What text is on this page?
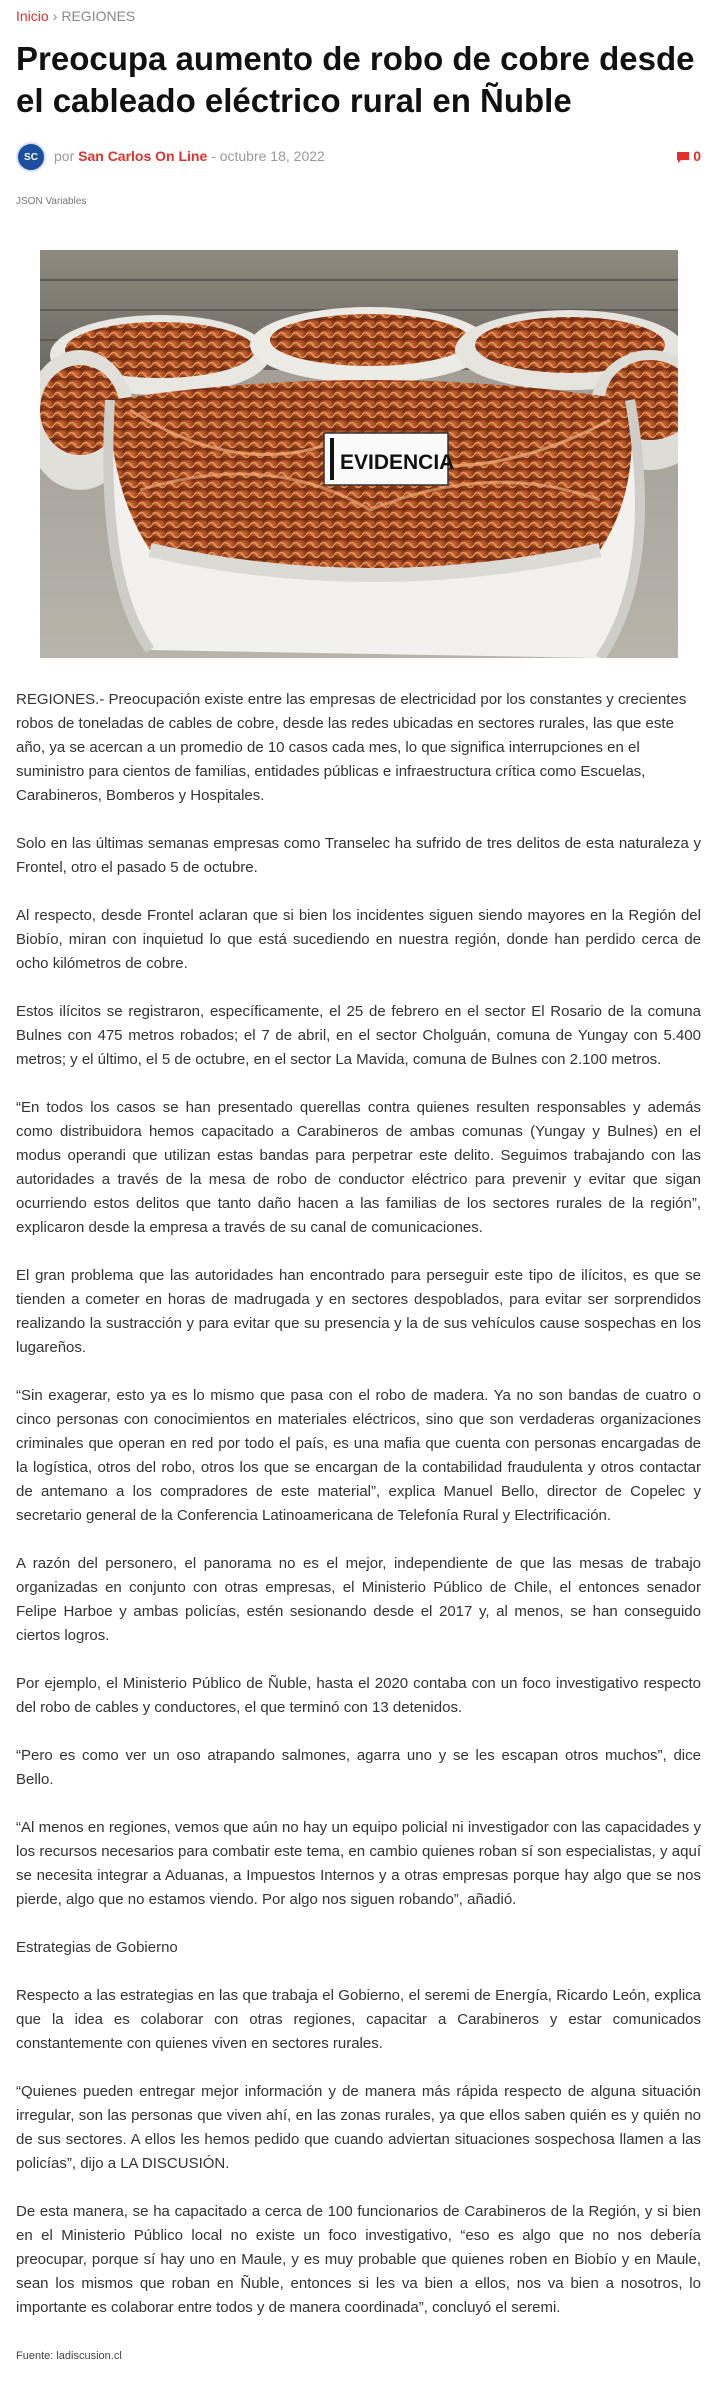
Inicio › REGIONES
Preocupa aumento de robo de cobre desde el cableado eléctrico rural en Ñuble
SC por San Carlos On Line - octubre 18, 2022	0
JSON Variables
EVIDENCIA

REGIONES.- Preocupación existe entre las empresas de electricidad por los constantes y crecientes robos de toneladas de cables de cobre, desde las redes ubicadas en sectores rurales, las que este año, ya se acercan a un promedio de 10 casos cada mes, lo que significa interrupciones en el suministro para cientos de familias, entidades públicas e infraestructura crítica como Escuelas, Carabineros, Bomberos y Hospitales.

Solo en las últimas semanas empresas como Transelec ha sufrido de tres delitos de esta naturaleza y Frontel, otro el pasado 5 de octubre.

Al respecto, desde Frontel aclaran que si bien los incidentes siguen siendo mayores en la Región del Biobío, miran con inquietud lo que está sucediendo en nuestra región, donde han perdido cerca de ocho kilómetros de cobre.

Estos ilícitos se registraron, específicamente, el 25 de febrero en el sector El Rosario de la comuna Bulnes con 475 metros robados; el 7 de abril, en el sector Cholguán, comuna de Yungay con 5.400 metros; y el último, el 5 de octubre, en el sector La Mavida, comuna de Bulnes con 2.100 metros.

“En todos los casos se han presentado querellas contra quienes resulten responsables y además como distribuidora hemos capacitado a Carabineros de ambas comunas (Yungay y Bulnes) en el modus operandi que utilizan estas bandas para perpetrar este delito. Seguimos trabajando con las autoridades a través de la mesa de robo de conductor eléctrico para prevenir y evitar que sigan ocurriendo estos delitos que tanto daño hacen a las familias de los sectores rurales de la región”, explicaron desde la empresa a través de su canal de comunicaciones.

El gran problema que las autoridades han encontrado para perseguir este tipo de ilícitos, es que se tienden a cometer en horas de madrugada y en sectores despoblados, para evitar ser sorprendidos realizando la sustracción y para evitar que su presencia y la de sus vehículos cause sospechas en los lugareños.

“Sin exagerar, esto ya es lo mismo que pasa con el robo de madera. Ya no son bandas de cuatro o cinco personas con conocimientos en materiales eléctricos, sino que son verdaderas organizaciones criminales que operan en red por todo el país, es una mafia que cuenta con personas encargadas de la logística, otros del robo, otros los que se encargan de la contabilidad fraudulenta y otros contactar de antemano a los compradores de este material”, explica Manuel Bello, director de Copelec y secretario general de la Conferencia Latinoamericana de Telefonía Rural y Electrificación.

A razón del personero, el panorama no es el mejor, independiente de que las mesas de trabajo organizadas en conjunto con otras empresas, el Ministerio Público de Chile, el entonces senador Felipe Harboe y ambas policías, estén sesionando desde el 2017 y, al menos, se han conseguido ciertos logros.

Por ejemplo, el Ministerio Público de Ñuble, hasta el 2020 contaba con un foco investigativo respecto del robo de cables y conductores, el que terminó con 13 detenidos.

“Pero es como ver un oso atrapando salmones, agarra uno y se les escapan otros muchos”, dice Bello.

“Al menos en regiones, vemos que aún no hay un equipo policial ni investigador con las capacidades y los recursos necesarios para combatir este tema, en cambio quienes roban sí son especialistas, y aquí se necesita integrar a Aduanas, a Impuestos Internos y a otras empresas porque hay algo que se nos pierde, algo que no estamos viendo. Por algo nos siguen robando”, añadió.

Estrategias de Gobierno

Respecto a las estrategias en las que trabaja el Gobierno, el seremi de Energía, Ricardo León, explica que la idea es colaborar con otras regiones, capacitar a Carabineros y estar comunicados constantemente con quienes viven en sectores rurales.

“Quienes pueden entregar mejor información y de manera más rápida respecto de alguna situación irregular, son las personas que viven ahí, en las zonas rurales, ya que ellos saben quién es y quién no de sus sectores. A ellos les hemos pedido que cuando adviertan situaciones sospechosa llamen a las policías”, dijo a LA DISCUSIÓN.

De esta manera, se ha capacitado a cerca de 100 funcionarios de Carabineros de la Región, y si bien en el Ministerio Público local no existe un foco investigativo, “eso es algo que no nos debería preocupar, porque sí hay uno en Maule, y es muy probable que quienes roben en Biobío y en Maule, sean los mismos que roban en Ñuble, entonces si les va bien a ellos, nos va bien a nosotros, lo importante es colaborar entre todos y de manera coordinada”, concluyó el seremi.

Fuente: ladiscusion.cl
